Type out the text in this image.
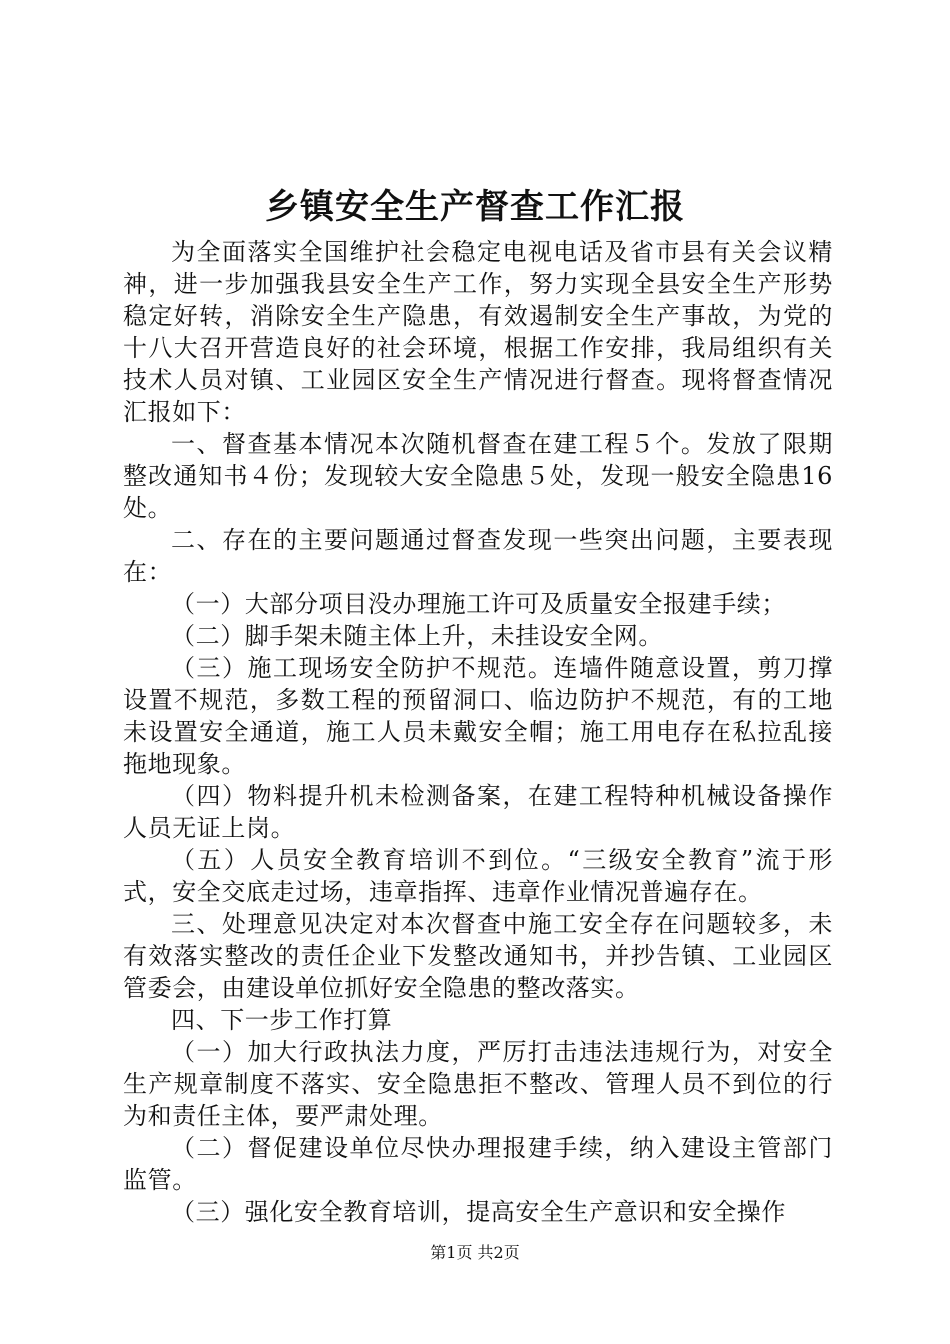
乡镇安全生产督查工作汇报

为全面落实全国维护社会稳定电视电话及省市县有关会议精神，进一步加强我县安全生产工作，努力实现全县安全生产形势稳定好转，消除安全生产隐患，有效遏制安全生产事故，为党的十八大召开营造良好的社会环境，根据工作安排，我局组织有关技术人员对镇、工业园区安全生产情况进行督查。现将督查情况汇报如下：

一、督查基本情况本次随机督查在建工程５个。发放了限期整改通知书４份；发现较大安全隐患５处，发现一般安全隐患16处。

二、存在的主要问题通过督查发现一些突出问题，主要表现在：

（一）大部分项目没办理施工许可及质量安全报建手续；

（二）脚手架未随主体上升，未挂设安全网。

（三）施工现场安全防护不规范。连墙件随意设置，剪刀撑设置不规范，多数工程的预留洞口、临边防护不规范，有的工地未设置安全通道，施工人员未戴安全帽；施工用电存在私拉乱接拖地现象。

（四）物料提升机未检测备案，在建工程特种机械设备操作人员无证上岗。

（五）人员安全教育培训不到位。“三级安全教育”流于形式，安全交底走过场，违章指挥、违章作业情况普遍存在。

三、处理意见决定对本次督查中施工安全存在问题较多，未有效落实整改的责任企业下发整改通知书，并抄告镇、工业园区管委会，由建设单位抓好安全隐患的整改落实。

四、下一步工作打算

（一）加大行政执法力度，严厉打击违法违规行为，对安全生产规章制度不落实、安全隐患拒不整改、管理人员不到位的行为和责任主体，要严肃处理。

（二）督促建设单位尽快办理报建手续，纳入建设主管部门监管。

（三）强化安全教育培训，提高安全生产意识和安全操作

第1页 共2页
